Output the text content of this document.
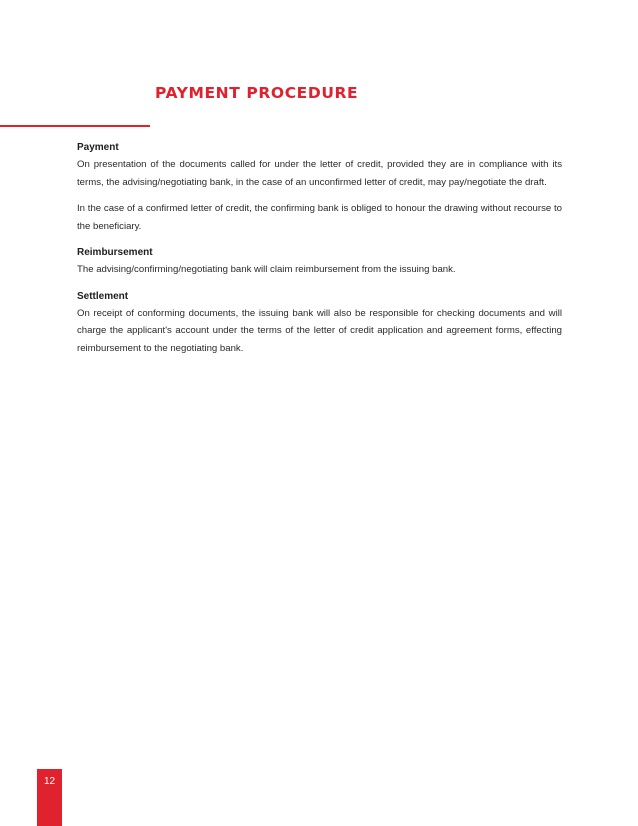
PAYMENT PROCEDURE
Payment

On presentation of the documents called for under the letter of credit, provided they are in compliance with its terms, the advising/negotiating bank, in the case of an unconfirmed letter of credit, may pay/negotiate the draft.

In the case of a confirmed letter of credit, the confirming bank is obliged to honour the drawing without recourse to the beneficiary.

Reimbursement

The advising/confirming/negotiating bank will claim reimbursement from the issuing bank.

Settlement

On receipt of conforming documents, the issuing bank will also be responsible for checking documents and will charge the applicant's account under the terms of the letter of credit application and agreement forms, effecting reimbursement to the negotiating bank.

12
